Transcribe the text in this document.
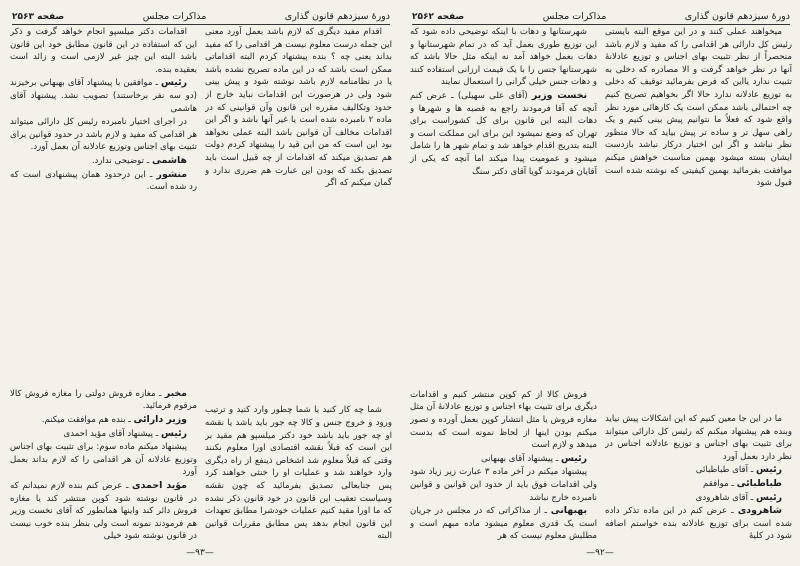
دورهٔ سیزدهم قانون گذاری
مذاکرات مجلس
صفحه ۲۵۶۳

اقدام مفید دیگری که لازم باشد بعمل آورد معنی این جمله درست معلوم نیست هر اقدامی را که مفید بداند یعنی چه ؟ بنده پیشنهاد کردم البته اقداماتی ممکن است باشد که در این ماده تصریح نشده باشد یا در نظامنامه لازم باشد نوشته شود و پیش بینی شود ولی در هرصورت این اقدامات نباید خارج از حدود وتکالیف مقرره این قانون وآن قوانینی که در ماده ۲ نامبرده شده است یا غیر آنها باشد و اگر این اقدامات مخالف آن قوانین باشد البته عملی نخواهد بود این است که من این قید را پیشنهاد کردم دولت هم تصدیق میکند که اقدامات از چه قبیل است باید تصدیق بکند که بودن این عبارت هم ضرری ندارد و گمان میکنم که اگر

شما چه کار کنید یا شما چطور وارد کنید و ترتیب ورود و خروج جنس و کالا چه جور باید باشد یا نقشه او چه جور باید باشد خود دکتر میلسپو هم مقید بر این است که قبلاً نقشه اقتصادی اورا معلوم نکنند وقتی که قبلاً معلوم شد اشخاص ذینفع از راه دیگری وارد خواهند شد و عملیات او را خنثی خواهند کرد پس جنابعالی تصدیق بفرمائید که چون نقشه وسیاست تعقیب این قانون در خود قانون ذکر نشده که ما اورا مقید کنیم عملیات خودشرا مطابق تعهدات این قانون انجام بدهد پس مطابق مقررات قوانین البته

اقدامات دکتر میلسپو انجام خواهد گرفت و ذکر این که استفاده در این قانون مطابق خود این قانون باشد البته این چیز غیر لازمی است و زائد است بعقیده بنده.

رئیس ـ موافقین با پیشنهاد آقای بهبهانی برخیزند (دو سه نفر برخاستند) تصویب نشد. پیشنهاد آقای هاشمی

در اجرای اختیار نامبرده رئیس کل دارائی میتواند هر اقدامی که مفید و لازم باشد در حدود قوانین برای تثبیت بهای اجناس وتوزیع عادلانه آن بعمل آورد.

هاشمی ـ توضیحی ندارد.

منشور ـ این درحدود همان پیشنهادی است که رد شده است.

مخبر ـ مغازه فروش دولتی را مغازه فروش کالا مرقوم فرمائید.

وزیر دارائی ـ بنده هم موافقت میکنم.

رئیس ـ پیشنهاد آقای مؤید احمدی

پیشنهاد میکنم ماده سوم: برای تثبیت بهای اجناس وتوزیع عادلانه آن هر اقدامی را که لازم بداند بعمل آورد

مؤید احمدی ـ عرض کنم بنده لازم نمیدانم که در قانون نوشته شود کوپن منتشر کند یا مغازه فروش دائر کند واینها همانطور که آقای نخست وزیر هم فرمودند نمونه است ولی بنظر بنده خوب نیست در قانون نوشته شود خیلی

—۹۳—
دورهٔ سیزدهم قانون گذاری
مذاکرات مجلس
صفحه ۲۵۶۲

میخواهند عملی کنند و در این موقع البته بایستی رئیس کل دارائی هر اقدامی را که مفید و لازم باشد منحصراً از نظر تثبیت بهای اجناس و توزیع عادلانهٔ آنها در نظر خواهد گرفت و الا مصادره که دخلی به تثبیت ندارد یااین که فرض بفرمائید توقیف که دخلی به توزیع عادلانه ندارد حالا اگر بخواهیم تصریح کنیم چه احتمالی باشد ممکن است یک کارهائی مورد نظر واقع شود که فعلاً ما نتوانیم پیش بینی کنیم و یک راهی سهل تر و ساده تر پیش بیاید که حالا متظور نظر نباشد و اگر این اختیار درکار نباشد بازدست ایشان بسته میشود بهمین مناسبت خواهش میکنم موافقت بفرمائید بهمین کیفیتی که نوشته شده است قبول شود

ما در این جا معین کنیم که این اشکالات پیش نیاید وبنده هم پیشنهاد میکنم که رئیس کل دارائی میتواند برای تثبیت بهای اجناس و توزیع عادلانه اجناس در نظر دارد بعمل آورد

رئیس ـ آقای طباطبائی

طباطبائی ـ موافقم

رئیس ـ آقای شاهرودی

شاهرودی ـ عرض کنم در این ماده تذکر داده شده است برای توزیع عادلانه بنده خواستم اضافه شود در کلیهٔ

شهرستانها و دهات با اینکه توضیحی داده شود که این توزیع طوری بعمل آید که در تمام شهرستانها و دهات بعمل خواهد آمد نه اینکه مثل حالا باشد که شهرستانها جنس را با یک قیمت ارزانی استفاده کنند و دهات جنس خیلی گرانی را استعمال نمایند

نخست وزیر (آقای علی سهیلی) ـ عرض کنم آنچه که آقا فرمودند راجع به قصبه ها و شهرها و دهات البته این قانون برای کل کشوراست برای تهران که وضع نمیشود این برای این مملکت است و البته بتدریج اقدام خواهد شد و تمام شهر ها را شامل میشود و عمومیت پیدا میکند اما آنچه که یکی از آقایان فرمودند گویا آقای دکتر سنگ

فروش کالا از کم کوپن منتشر کنیم و اقدامات دیگری برای تثبیت بهاء اجناس و توزیع عادلانهٔ آن مثل مغازه فروش یا مثل انتشار کوپن بعمل آورده و تصور میکنم بودن اینها از لحاظ نمونه است که بدست میدهد و لازم است

رئیس ـ پیشنهاد آقای بهبهانی

پیشنهاد میکنم در آخر ماده ۳ عبارت زیر زیاد شود ولی اقدامات فوق باید از حدود این قوانین و قوانین نامبرده خارج نباشد

بهبهانی ـ از مذاکراتی که در مجلس در جریان است یک قدری معلوم میشود ماده مبهم است و مطلبش معلوم نیست که هر

—۹۲—
